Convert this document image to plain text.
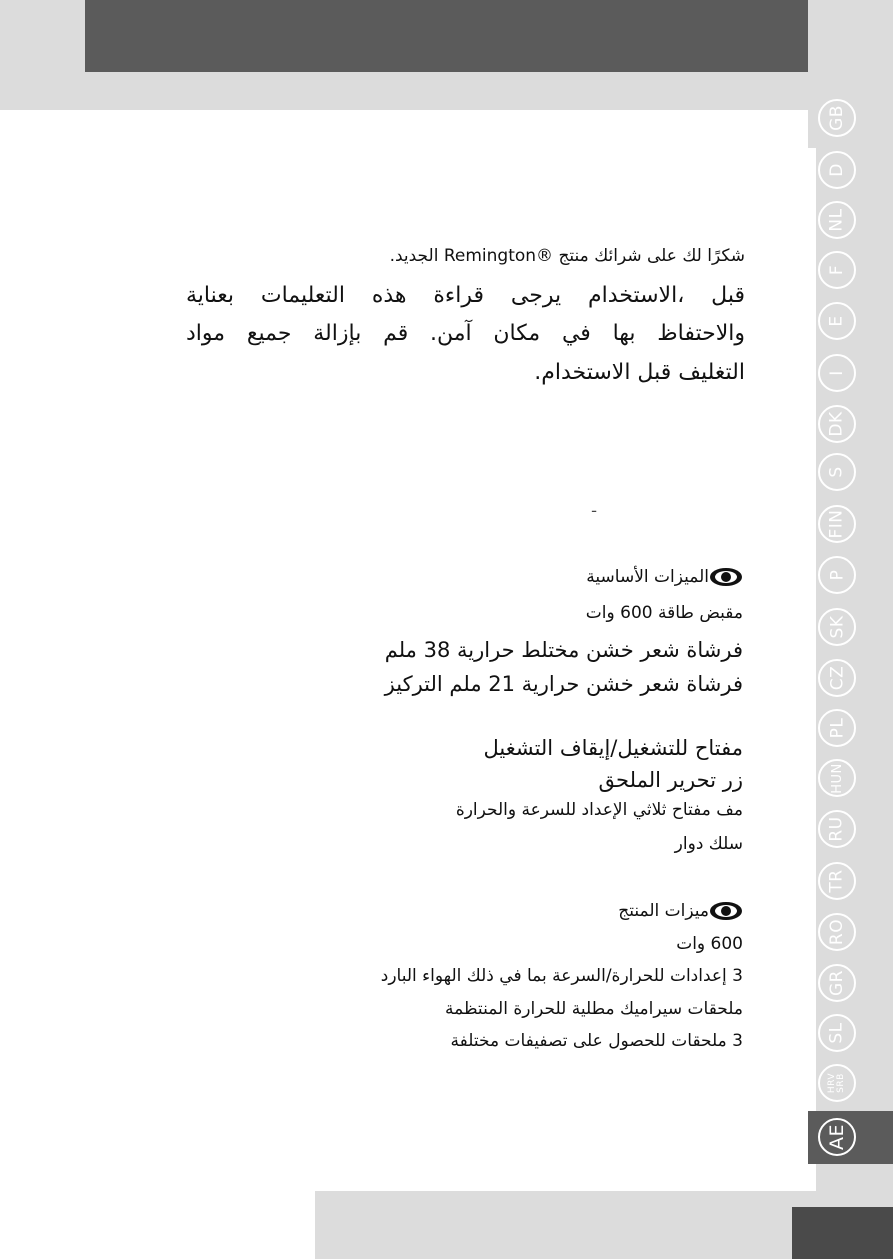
GB
D
NL
F
E
I
DK
S
FIN
P
SK
CZ
PL
HUN
RU
TR
RO
GR
SL
HRV
SRB
AE
شكرًا لك على شرائك منتج ®Remington الجديد.
قبل ،الاستخدام يرجى قراءة هذه التعليمات بعناية
والاحتفاظ بها في مكان آمن. قم بإزالة جميع مواد
التغليف قبل الاستخدام.
ـ
الميزات الأساسية
مقبض طاقة 600 وات
فرشاة شعر خشن مختلط حرارية 38 ملم
فرشاة شعر خشن حرارية 21 ملم التركيز
مفتاح للتشغيل/إيقاف التشغيل
زر تحرير الملحق
مف مفتاح ثلاثي الإعداد للسرعة والحرارة
سلك دوار
ميزات المنتج
600 وات
3 إعدادات للحرارة/السرعة بما في ذلك الهواء البارد
ملحقات سيراميك مطلية للحرارة المنتظمة
3 ملحقات للحصول على تصفيفات مختلفة
